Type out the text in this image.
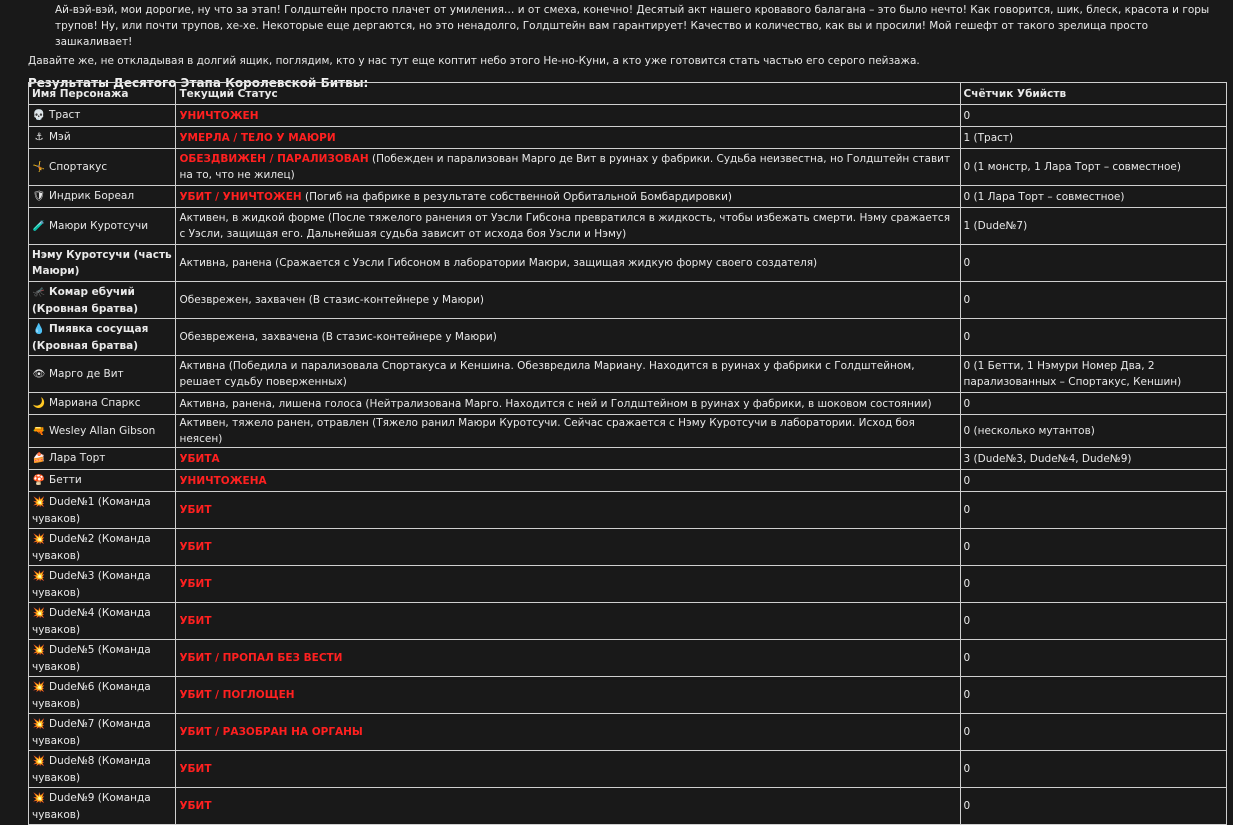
Ай-вэй-вэй, мои дорогие, ну что за этап! Голдштейн просто плачет от умиления… и от смеха, конечно! Десятый акт нашего кровавого балагана – это было нечто! Как говорится, шик, блеск, красота и горы трупов! Ну, или почти трупов, хе-хе. Некоторые еще дергаются, но это ненадолго, Голдштейн вам гарантирует! Качество и количество, как вы и просили! Мой гешефт от такого зрелища просто зашкаливает!

Давайте же, не откладывая в долгий ящик, поглядим, кто у нас тут еще коптит небо этого Не-но-Куни, а кто уже готовится стать частью его серого пейзажа.

Результаты Десятого Этапа Королевской Битвы:

Имя Персонажа	Текущий Статус	Счётчик Убийств
💀 Траст	УНИЧТОЖЕН	0
⚓ Мэй	УМЕРЛА / ТЕЛО У МАЮРИ	1 (Траст)
🤸 Спортакус	ОБЕЗДВИЖЕН / ПАРАЛИЗОВАН (Побежден и парализован Марго де Вит в руинах у фабрики. Судьба неизвестна, но Голдштейн ставит на то, что не жилец)	0 (1 монстр, 1 Лара Торт – совместное)
🛡 Индрик Бореал	УБИТ / УНИЧТОЖЕН (Погиб на фабрике в результате собственной Орбитальной Бомбардировки)	0 (1 Лара Торт – совместное)
🧪 Маюри Куротсучи	Активен, в жидкой форме (После тяжелого ранения от Уэсли Гибсона превратился в жидкость, чтобы избежать смерти. Нэму сражается с Уэсли, защищая его. Дальнейшая судьба зависит от исхода боя Уэсли и Нэму)	1 (Dude№7)
Нэму Куротсучи (часть Маюри)	Активна, ранена (Сражается с Уэсли Гибсоном в лаборатории Маюри, защищая жидкую форму своего создателя)	0
🦟 Комар ебучий (Кровная братва)	Обезврежен, захвачен (В стазис-контейнере у Маюри)	0
💧 Пиявка сосущая (Кровная братва)	Обезврежена, захвачена (В стазис-контейнере у Маюри)	0
👁 Марго де Вит	Активна (Победила и парализовала Спортакуса и Кеншина. Обезвредила Мариану. Находится в руинах у фабрики с Голдштейном, решает судьбу поверженных)	0 (1 Бетти, 1 Нэмури Номер Два, 2 парализованных – Спортакус, Кеншин)
🌙 Мариана Спаркс	Активна, ранена, лишена голоса (Нейтрализована Марго. Находится с ней и Голдштейном в руинах у фабрики, в шоковом состоянии)	0
🔫 Wesley Allan Gibson	Активен, тяжело ранен, отравлен (Тяжело ранил Маюри Куротсучи. Сейчас сражается с Нэму Куротсучи в лаборатории. Исход боя неясен)	0 (несколько мутантов)
🍰 Лара Торт	УБИТА	3 (Dude№3, Dude№4, Dude№9)
🍄 Бетти	УНИЧТОЖЕНА	0
💥 Dude№1 (Команда чуваков)	УБИТ	0
💥 Dude№2 (Команда чуваков)	УБИТ	0
💥 Dude№3 (Команда чуваков)	УБИТ	0
💥 Dude№4 (Команда чуваков)	УБИТ	0
💥 Dude№5 (Команда чуваков)	УБИТ / ПРОПАЛ БЕЗ ВЕСТИ	0
💥 Dude№6 (Команда чуваков)	УБИТ / ПОГЛОЩЕН	0
💥 Dude№7 (Команда чуваков)	УБИТ / РАЗОБРАН НА ОРГАНЫ	0
💥 Dude№8 (Команда чуваков)	УБИТ	0
💥 Dude№9 (Команда чуваков)	УБИТ	0
